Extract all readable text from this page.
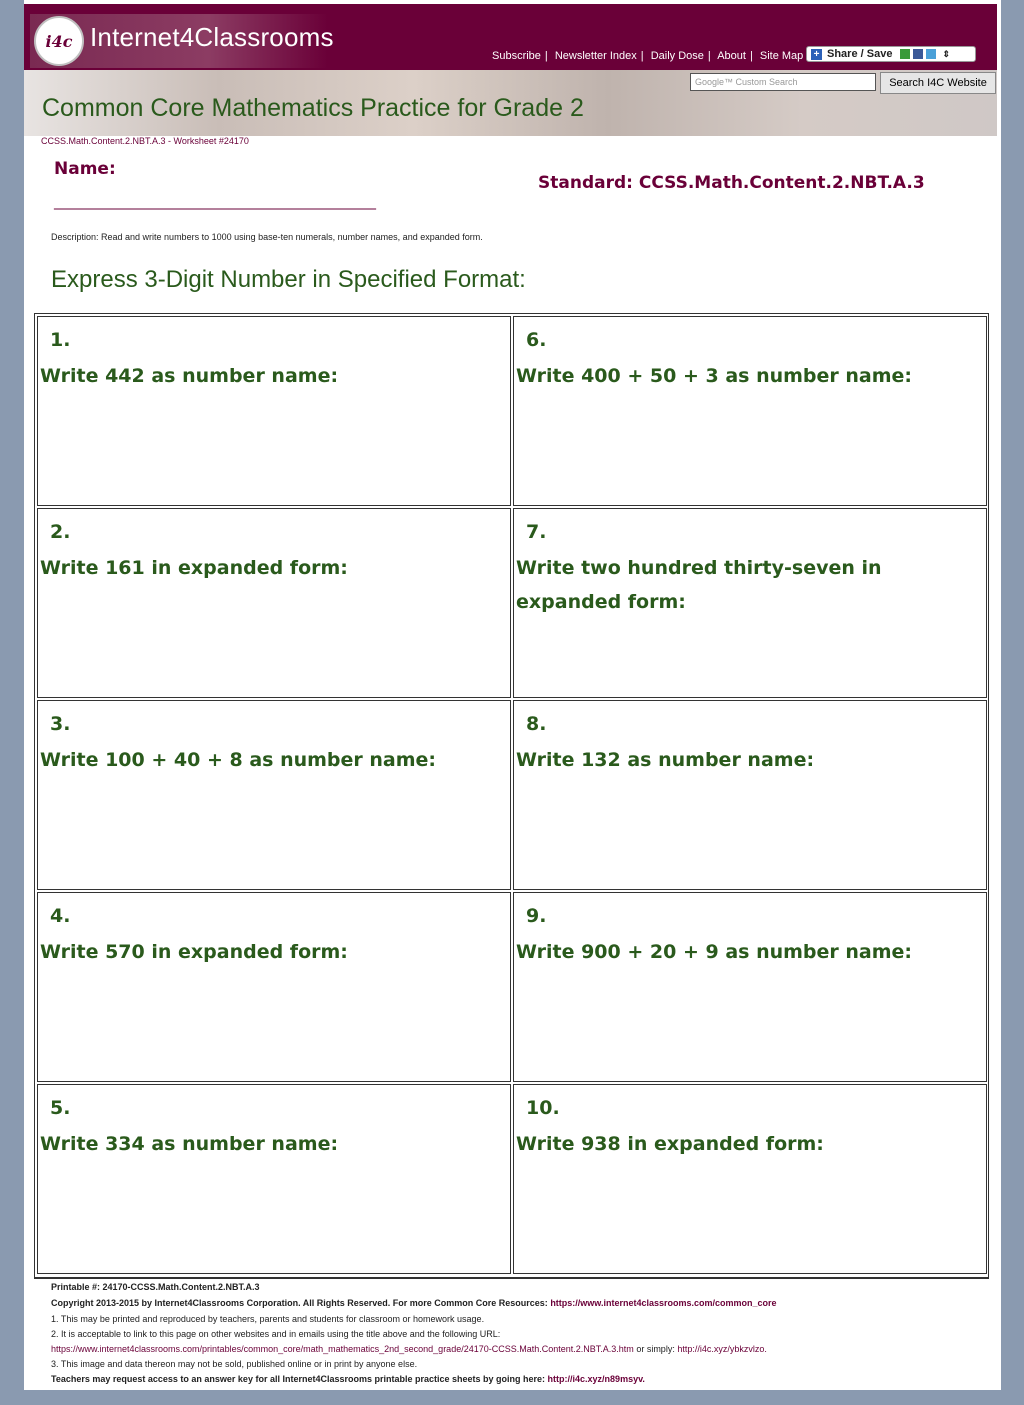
i4c Internet4Classrooms
Subscribe | Newsletter Index | Daily Dose | About | Site Map + Share / Save	⇕
Google™ Custom Search	Search I4C Website
Common Core Mathematics Practice for Grade 2
CCSS.Math.Content.2.NBT.A.3 - Worksheet #24170
Name:
______________________________________________
Standard: CCSS.Math.Content.2.NBT.A.3
Description: Read and write numbers to 1000 using base-ten numerals, number names, and expanded form.
Express 3-Digit Number in Specified Format:
1.
Write 442 as number name:
2.
Write 161 in expanded form:
3.
Write 100 + 40 + 8 as number name:
4.
Write 570 in expanded form:
5.
Write 334 as number name:
6.
Write 400 + 50 + 3 as number name:
7.
Write two hundred thirty-seven in expanded form:
8.
Write 132 as number name:
9.
Write 900 + 20 + 9 as number name:
10.
Write 938 in expanded form:
Printable #: 24170-CCSS.Math.Content.2.NBT.A.3
Copyright 2013-2015 by Internet4Classrooms Corporation. All Rights Reserved. For more Common Core Resources: https://www.internet4classrooms.com/common_core
1. This may be printed and reproduced by teachers, parents and students for classroom or homework usage.
2. It is acceptable to link to this page on other websites and in emails using the title above and the following URL:
https://www.internet4classrooms.com/printables/common_core/math_mathematics_2nd_second_grade/24170-CCSS.Math.Content.2.NBT.A.3.htm or simply: http://i4c.xyz/ybkzvlzo.
3. This image and data thereon may not be sold, published online or in print by anyone else.
Teachers may request access to an answer key for all Internet4Classrooms printable practice sheets by going here: http://i4c.xyz/n89msyv.
